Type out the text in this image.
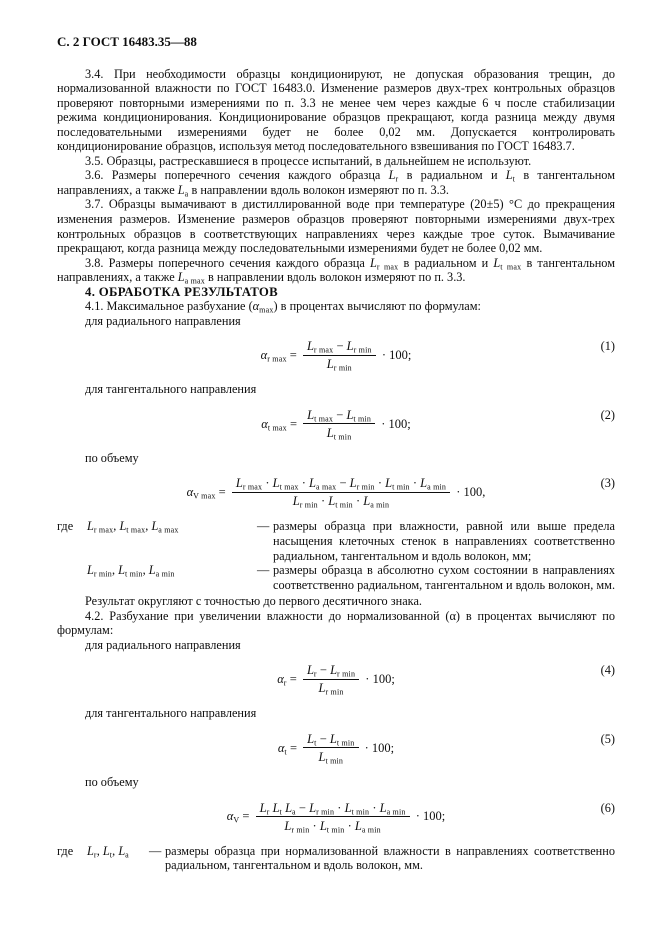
С. 2 ГОСТ 16483.35—88

3.4. При необходимости образцы кондиционируют, не допуская образования трещин, до нормализованной влажности по ГОСТ 16483.0. Изменение размеров двух-трех контрольных образцов проверяют повторными измерениями по п. 3.3 не менее чем через каждые 6 ч после стабилизации режима кондиционирования. Кондиционирование образцов прекращают, когда разница между двумя последовательными измерениями будет не более 0,02 мм. Допускается контролировать кондиционирование образцов, используя метод последовательного взвешивания по ГОСТ 16483.7.

3.5. Образцы, растрескавшиеся в процессе испытаний, в дальнейшем не используют.

3.6. Размеры поперечного сечения каждого образца $L_r$ в радиальном и $L_t$ в тангентальном направлениях, а также $L_a$ в направлении вдоль волокон измеряют по п. 3.3.

3.7. Образцы вымачивают в дистиллированной воде при температуре (20±5) °С до прекращения изменения размеров. Изменение размеров образцов проверяют повторными измерениями двух-трех контрольных образцов в соответствующих направлениях через каждые трое суток. Вымачивание прекращают, когда разница между последовательными измерениями будет не более 0,02 мм.

3.8. Размеры поперечного сечения каждого образца $L_{r max}$ в радиальном и $L_{t max}$ в тангентальном направлениях, а также $L_{a max}$ в направлении вдоль волокон измеряют по п. 3.3.

4. ОБРАБОТКА РЕЗУЛЬТАТОВ

4.1. Максимальное разбухание $(\alpha_{max})$ в процентах вычисляют по формулам:

для радиального направления

$\alpha_{r max} = \frac{L_{r max} - L_{r min}}{L_{r min}} \cdot 100$;
(1)

для тангентального направления

$\alpha_{t max} = \frac{L_{t max} - L_{t min}}{L_{t min}} \cdot 100$;
(2)

по объему

$\alpha_{V max} = \frac{L_{r max} \cdot L_{t max} \cdot L_{a max} - L_{r min} \cdot L_{t min} \cdot L_{a min}}{L_{r min} \cdot L_{t min} \cdot L_{a min}} \cdot 100$,
(3)
где	$L_{r max}$, $L_{t max}$, $L_{a max}$	— размеры образца при влажности, равной или выше предела насыщения клеточных стенок в направлениях соответственно радиальном, тангентальном и вдоль волокон, мм;
$L_{r min}$, $L_{t min}$, $L_{a min}$	— размеры образца в абсолютно сухом состоянии в направлениях соответственно радиальном, тангентальном и вдоль волокон, мм.

Результат округляют с точностью до первого десятичного знака.

4.2. Разбухание при увеличении влажности до нормализованной (α) в процентах вычисляют по формулам:

для радиального направления

$\alpha_r = \frac{L_r - L_{r min}}{L_{r min}} \cdot 100$;
(4)

для тангентального направления

$\alpha_t = \frac{L_t - L_{t min}}{L_{t min}} \cdot 100$;
(5)

по объему

$\alpha_V = \frac{L_r L_t L_a - L_{r min} \cdot L_{t min} \cdot L_{a min}}{L_{r min} \cdot L_{t min} \cdot L_{a min}} \cdot 100$;
(6)
где	$L_r$, $L_t$, $L_a$	— размеры образца при нормализованной влажности в направлениях соответственно радиальном, тангентальном и вдоль волокон, мм.
